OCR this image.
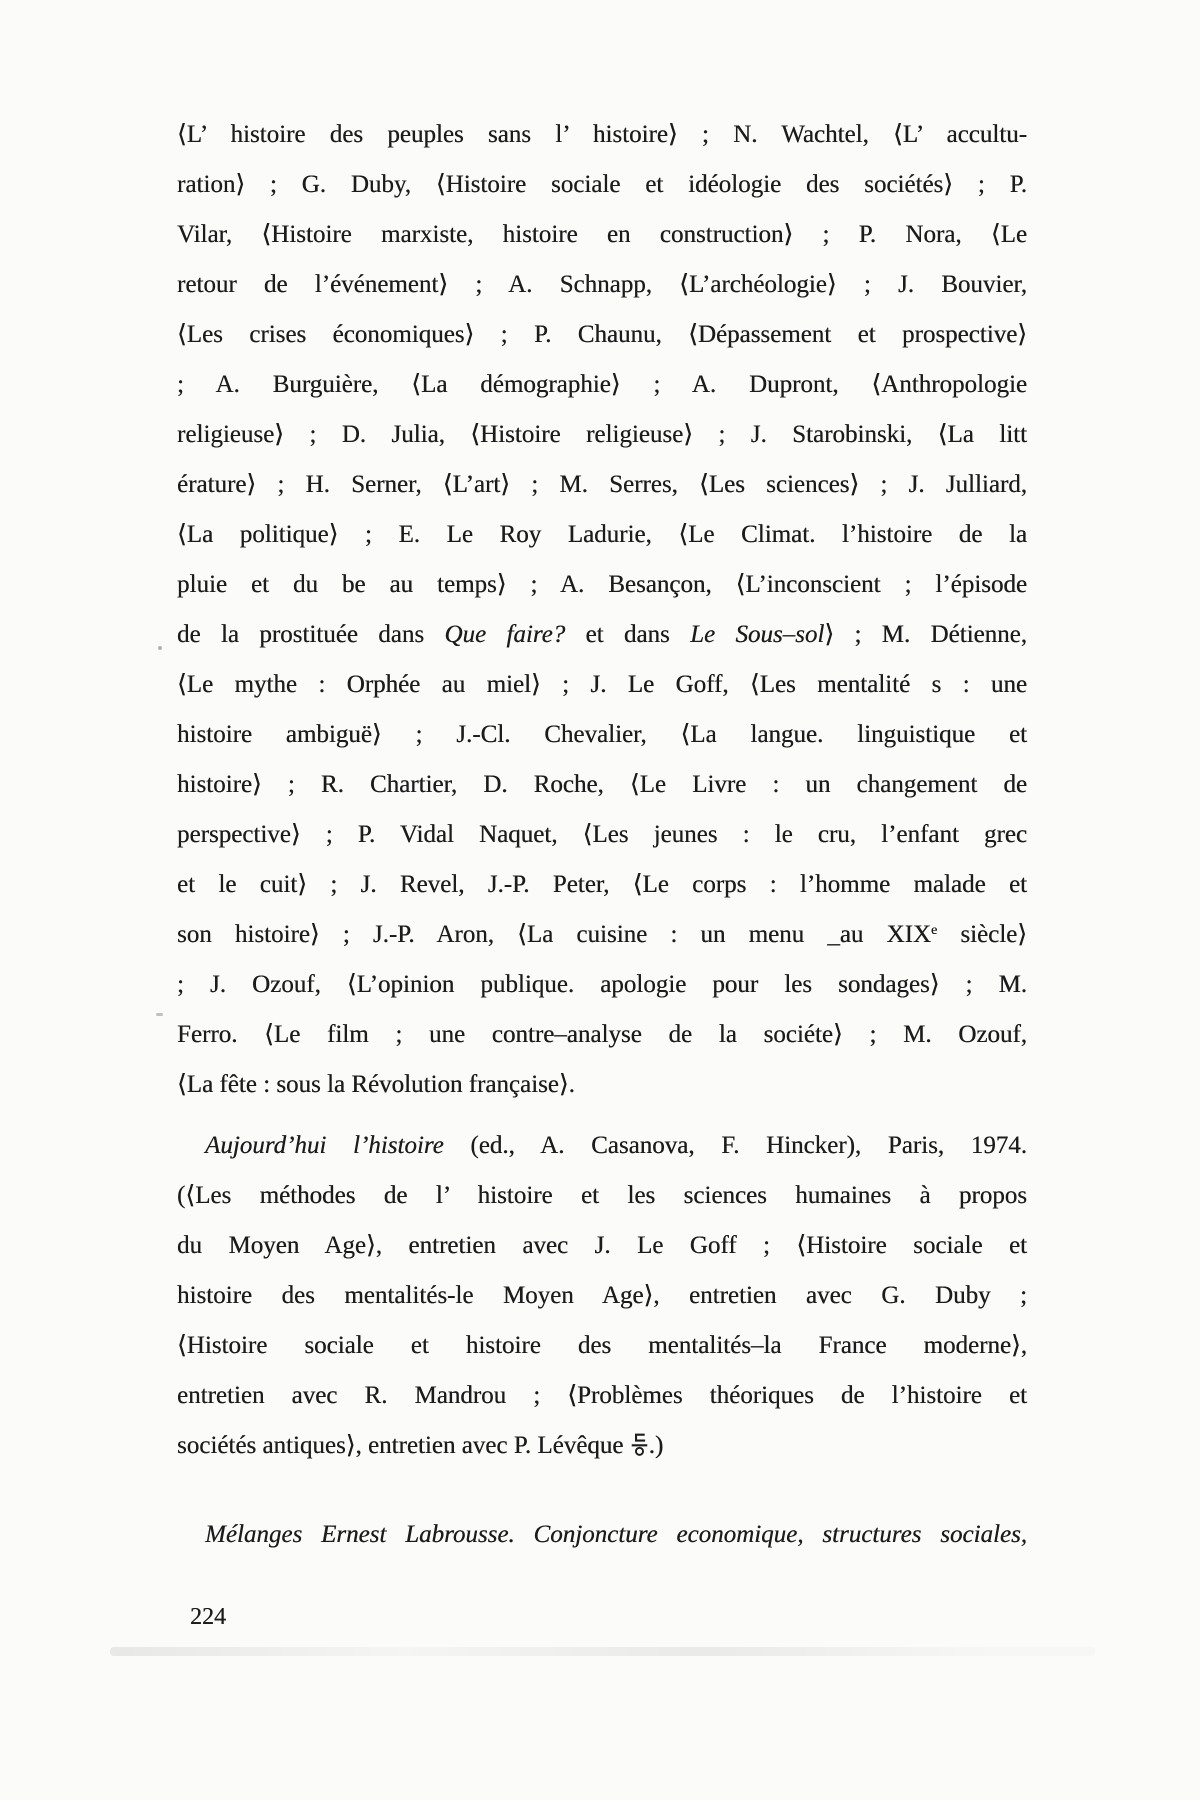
⟨L’ histoire des peuples sans l’ histoire⟩ ; N. Wachtel, ⟨L’ accultu-
ration⟩ ; G. Duby, ⟨Histoire sociale et idéologie des sociétés⟩ ; P.
Vilar, ⟨Histoire marxiste, histoire en construction⟩ ; P. Nora, ⟨Le
retour de l’événement⟩ ; A. Schnapp, ⟨L’archéologie⟩ ; J. Bouvier,
⟨Les crises économiques⟩ ; P. Chaunu, ⟨Dépassement et prospective⟩
; A. Burguière, ⟨La démographie⟩ ; A. Dupront, ⟨Anthropologie
religieuse⟩ ; D. Julia, ⟨Histoire religieuse⟩ ; J. Starobinski, ⟨La litt
érature⟩ ; H. Serner, ⟨L’art⟩ ; M. Serres, ⟨Les sciences⟩ ; J. Julliard,
⟨La politique⟩ ; E. Le Roy Ladurie, ⟨Le Climat. l’histoire de la
pluie et du be au temps⟩ ; A. Besançon, ⟨L’inconscient ; l’épisode
de la prostituée dans Que faire? et dans Le Sous–sol⟩ ; M. Détienne,
⟨Le mythe : Orphée au miel⟩ ; J. Le Goff, ⟨Les mentalité s : une
histoire ambiguë⟩ ; J.-Cl. Chevalier, ⟨La langue. linguistique et
histoire⟩ ; R. Chartier, D. Roche, ⟨Le Livre : un changement de
perspective⟩ ; P. Vidal Naquet, ⟨Les jeunes : le cru, l’enfant grec
et le cuit⟩ ; J. Revel, J.-P. Peter, ⟨Le corps : l’homme malade et
son histoire⟩ ; J.-P. Aron, ⟨La cuisine : un menu _au XIXe siècle⟩
; J. Ozouf, ⟨L’opinion publique. apologie pour les sondages⟩ ; M.
Ferro. ⟨Le film ; une contre–analyse de la sociéte⟩ ; M. Ozouf,
⟨La fête : sous la Révolution française⟩.
Aujourd’hui l’histoire (ed., A. Casanova, F. Hincker), Paris, 1974.
(⟨Les méthodes de l’ histoire et les sciences humaines à propos
du Moyen Age⟩, entretien avec J. Le Goff ; ⟨Histoire sociale et
histoire des mentalités-le Moyen Age⟩, entretien avec G. Duby ;
⟨Histoire sociale et histoire des mentalités–la France moderne⟩,
entretien avec R. Mandrou ; ⟨Problèmes théoriques de l’histoire et
sociétés antiques⟩, entretien avec P. Lévêque .)
Mélanges Ernest Labrousse. Conjoncture economique, structures sociales,
224
